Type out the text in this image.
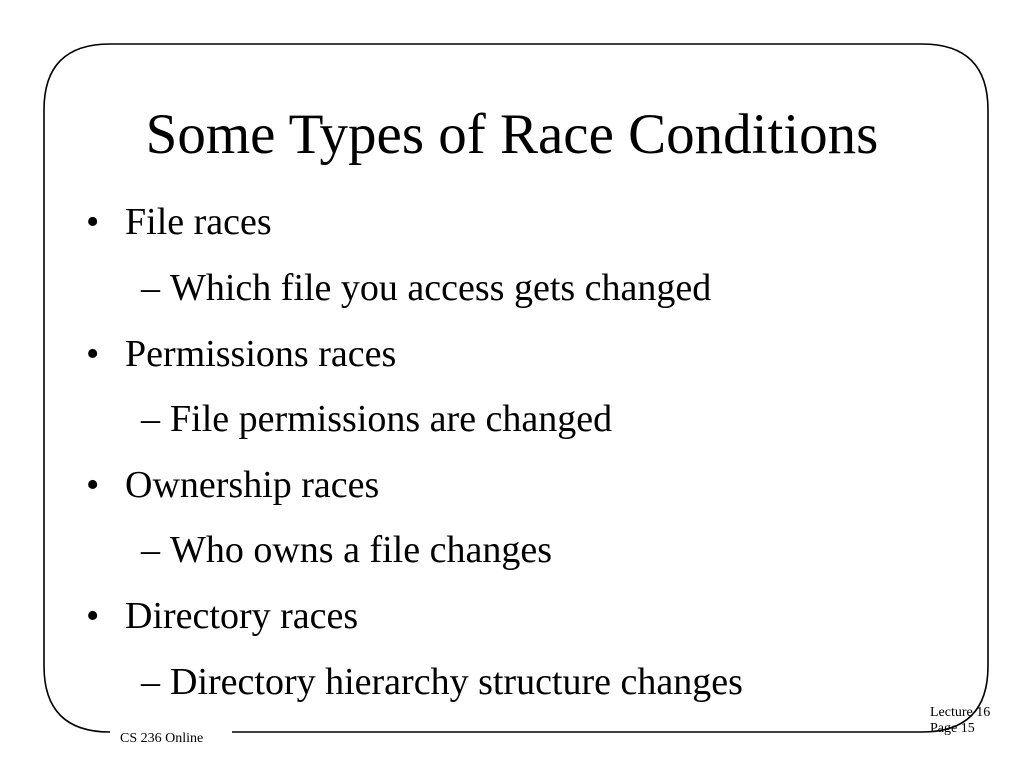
Some Types of Race Conditions
• File races
– Which file you access gets changed
• Permissions races
– File permissions are changed
• Ownership races
– Who owns a file changes
• Directory races
– Directory hierarchy structure changes
CS 236 Online
Lecture 16
Page 15
